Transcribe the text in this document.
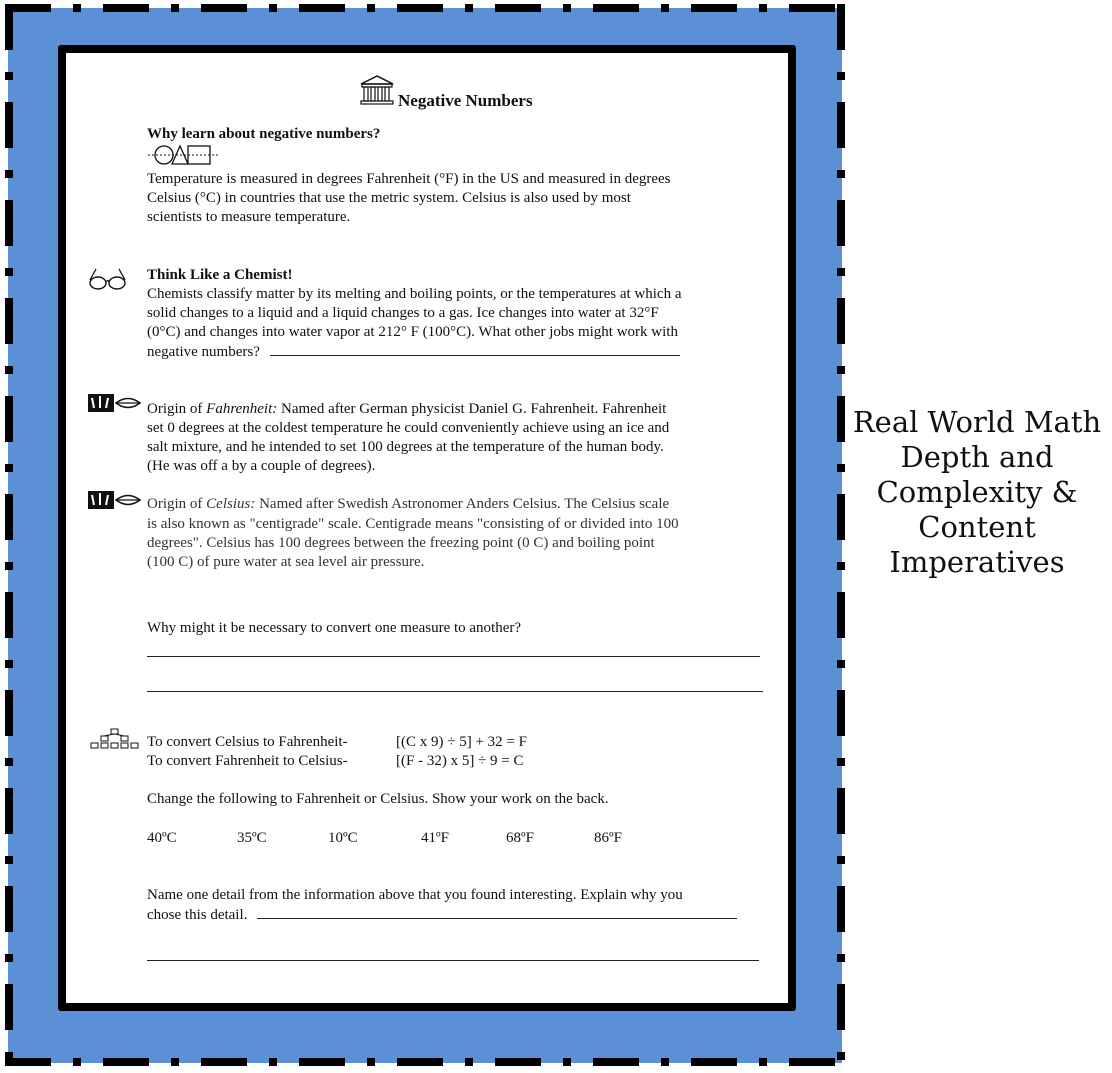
Negative Numbers
Why learn about negative numbers?
Temperature is measured in degrees Fahrenheit (°F) in the US and measured in degrees
Celsius (°C) in countries that use the metric system. Celsius is also used by most
scientists to measure temperature.
Think Like a Chemist!
Chemists classify matter by its melting and boiling points, or the temperatures at which a
solid changes to a liquid and a liquid changes to a gas. Ice changes into water at 32°F
(0°C) and changes into water vapor at 212° F (100°C). What other jobs might work with
negative numbers?
Origin of Fahrenheit: Named after German physicist Daniel G. Fahrenheit. Fahrenheit
set 0 degrees at the coldest temperature he could conveniently achieve using an ice and
salt mixture, and he intended to set 100 degrees at the temperature of the human body.
(He was off a by a couple of degrees).
Origin of Celsius: Named after Swedish Astronomer Anders Celsius. The Celsius scale
is also known as "centigrade" scale. Centigrade means "consisting of or divided into 100
degrees". Celsius has 100 degrees between the freezing point (0 C) and boiling point
(100 C) of pure water at sea level air pressure.
Why might it be necessary to convert one measure to another?
To convert Celsius to Fahrenheit-	[(C x 9) ÷ 5] + 32 = F
To convert Fahrenheit to Celsius-	[(F - 32) x 5] ÷ 9 = C
Change the following to Fahrenheit or Celsius. Show your work on the back.
40ºC	35ºC	10ºC	41ºF	68ºF	86ºF
Name one detail from the information above that you found interesting. Explain why you
chose this detail.
Real World Math
Depth and
Complexity &
Content
Imperatives
